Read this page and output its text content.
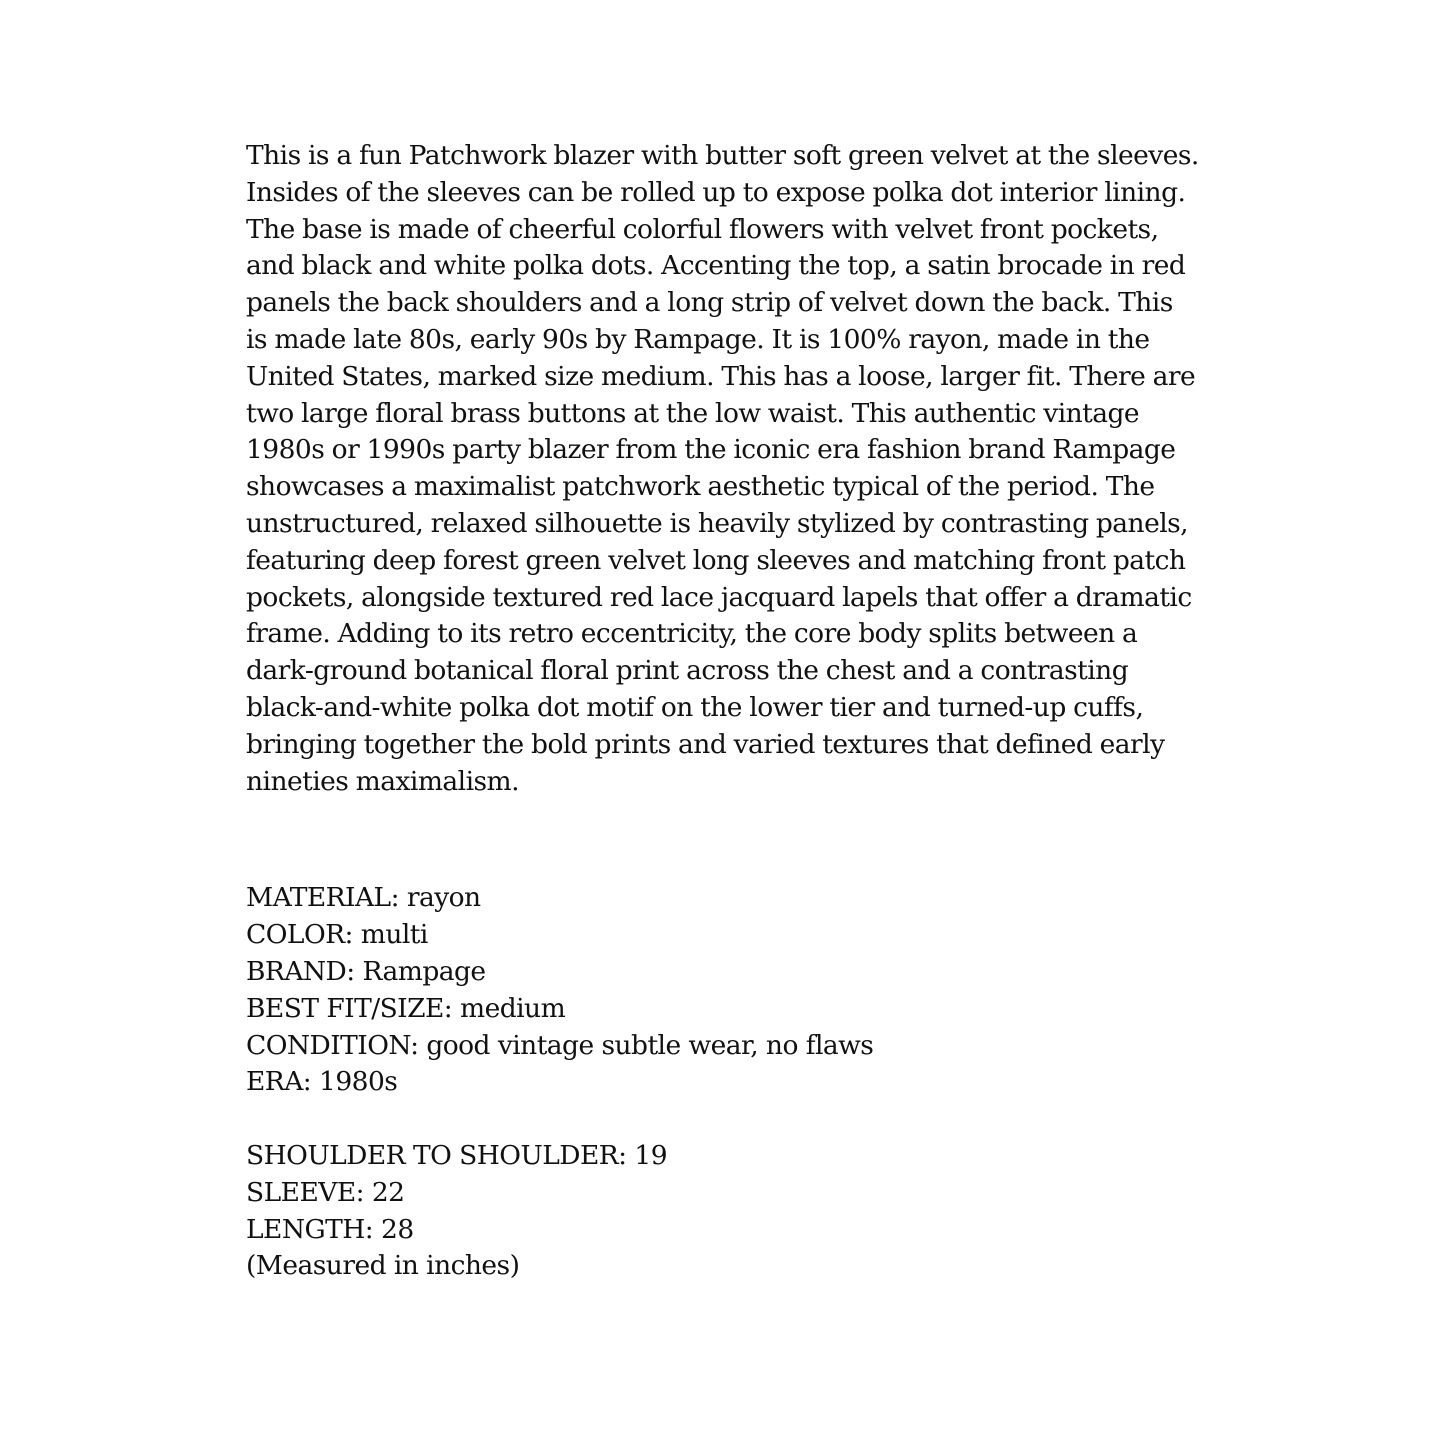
This is a fun Patchwork blazer with butter soft green velvet at the sleeves. Insides of the sleeves can be rolled up to expose polka dot interior lining. The base is made of cheerful colorful flowers with velvet front pockets, and black and white polka dots. Accenting the top, a satin brocade in red panels the back shoulders and a long strip of velvet down the back. This is made late 80s, early 90s by Rampage. It is 100% rayon, made in the United States, marked size medium. This has a loose, larger fit. There are two large floral brass buttons at the low waist. This authentic vintage 1980s or 1990s party blazer from the iconic era fashion brand Rampage showcases a maximalist patchwork aesthetic typical of the period. The unstructured, relaxed silhouette is heavily stylized by contrasting panels, featuring deep forest green velvet long sleeves and matching front patch pockets, alongside textured red lace jacquard lapels that offer a dramatic frame. Adding to its retro eccentricity, the core body splits between a dark-ground botanical floral print across the chest and a contrasting black-and-white polka dot motif on the lower tier and turned-up cuffs, bringing together the bold prints and varied textures that defined early nineties maximalism.

MATERIAL: rayon
COLOR: multi
BRAND: Rampage
BEST FIT/SIZE: medium
CONDITION: good vintage subtle wear, no flaws
ERA: 1980s
SHOULDER TO SHOULDER: 19
SLEEVE: 22
LENGTH: 28
(Measured in inches)
